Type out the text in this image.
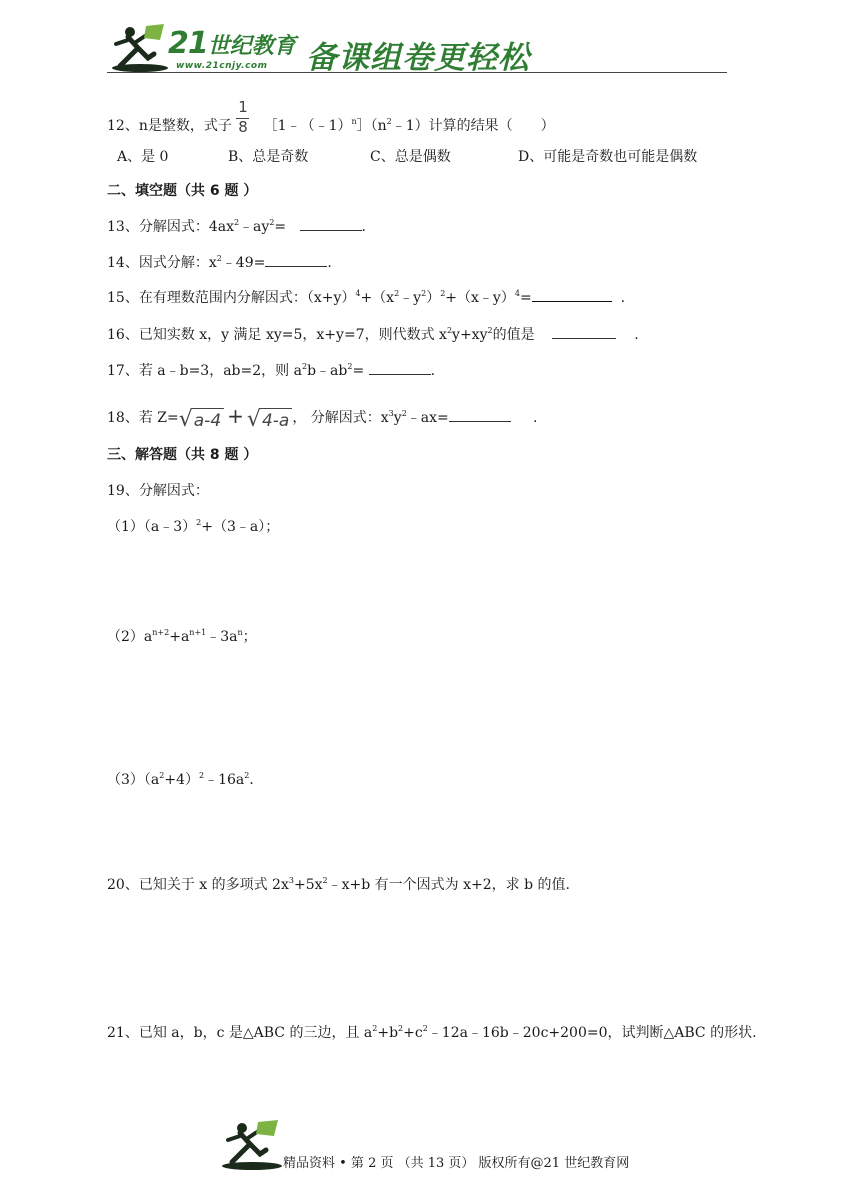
21世纪教育
www.21cnjy.com 备课组卷更轻松
12、n是整数，式子 $\frac{1}{8}$ $[1﹣(﹣1)^n](n^2﹣1)$计算的结果（　　）
A、是 0	B、总是奇数	C、总是偶数	D、可能是奇数也可能是偶数
二、填空题（共 6 题 ）
13、分解因式：$4ax^2﹣ay^2=$	.
14、因式分解：$x^2﹣49=$	.
15、在有理数范围内分解因式：$(x+y)^4+(x^2﹣y^2)^2+(x﹣y)^4=$	.
16、已知实数 x，y 满足 xy=5，x+y=7，则代数式 $x^2y+xy^2$的值是	.
17、若 a﹣b=3，ab=2，则 $a^2b﹣ab^2=$	.
18、若 Z= √ a-4 + √ 4-a ， 分解因式：$x^3y^2﹣ax=$	.
三、解答题（共 8 题 ）
19、分解因式：
（1）（a﹣3）$^2$+（3﹣a）；
$(2)a^{n+2}+a^{n+1}﹣3a^n$；
$(3)(a^2+4)^2﹣16a^2$．
20、已知关于 x 的多项式 $2x^3+5x^2﹣x+b$ 有一个因式为 x+2，求 b 的值.
21、已知 a，b，c 是△ABC 的三边，且 $a^2+b^2+c^2﹣12a﹣16b﹣20c+200=0$，试判断△ABC 的形状.
精品资料 • 第 2 页 （共 13 页） 版权所有@21 世纪教育网
